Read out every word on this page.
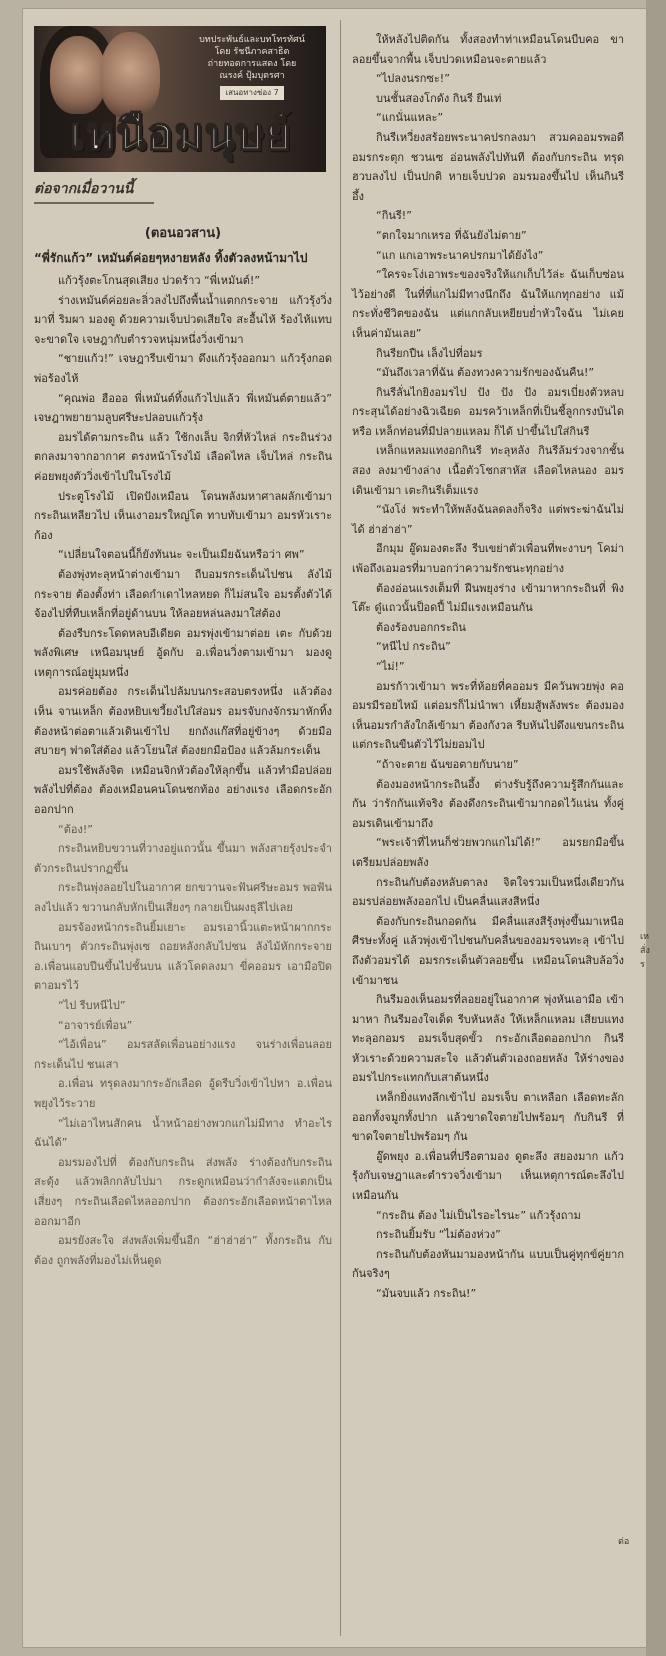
บทประพันธ์และบทโทรทัศน์
โดย รัชนีภาคสาธิต
ถ่ายทอดการแสดง โดย
ณรงค์ ปุ้มบุตรศา
เสนอทางช่อง 7
เหนือมนุษย์
ต่อจากเมื่อวานนี้
(ตอนอวสาน)
“พี่รักแก้ว” เหมันต์ค่อยๆหงายหลัง ทิ้งตัวลงหน้ามาไป

แก้วรุ้งตะโกนสุดเสียง ปวดร้าว “พี่เหมันต์!”

ร่างเหมันต์ค่อยละลิ่วลงไปถึงพื้นน้ำแตกกระจาย แก้วรุ้งวิ่งมาที่ ริมผา มองดู ด้วยความเจ็บปวดเสียใจ สะอื้นไห้ ร้องไห้แทบจะขาดใจ เจษฎากับตำรวจหนุ่มหนึ่งวิ่งเข้ามา

“ชายแก้ว!” เจษฎารีบเข้ามา ดึงแก้วรุ้งออกมา แก้วรุ้งกอดพ่อร้องไห้

“คุณพ่อ ฮือออ พี่เหมันต์ทิ้งแก้วไปแล้ว พี่เหมันต์ตายแล้ว” เจษฎาพยายามลูบศรีษะปลอบแก้วรุ้ง

อมรได้ตามกระถิน แล้ว ใช้กงเล็บ จิกที่หัวไหล่ กระถินร่วงตกลงมาจากอากาศ ตรงหน้าโรงไม้ เลือดไหล เจ็บไหล่ กระถินค่อยพยุงตัววิ่งเข้าไปในโรงไม้

ประตูโรงไม้ เปิดปังเหมือน โดนพลังมหาศาลผลักเข้ามา กระถินเหลียวไป เห็นเงาอมรใหญ่โต ทาบทับเข้ามา อมรหัวเราะก้อง

“เปลี่ยนใจตอนนี้ก็ยังทันนะ จะเป็นเมียฉันหรือว่า ศพ”

ต้องพุ่งทะลุหน้าต่างเข้ามา ถีบอมรกระเด็นไปชน ลังไม้กระจาย ต้องตั้งท่า เลือดกำเดาไหลหยด ก็ไม่สนใจ อมรตั้งตัวได้ จ้องไปที่ทีบเหล็กที่อยู่ด้านบน ให้ลอยหล่นลงมาใส่ต้อง

ต้องรีบกระโดดหลบอีเดียด อมรพุ่งเข้ามาต่อย เตะ กับด้วยพลังพิเศษ เหนือมนุษย์ อู้ดกับ อ.เพื่อนวิ่งตามเข้ามา มองดูเหตุการณ์อยู่มุมหนึ่ง

อมรค่อยต้อง กระเด็นไปล้มบนกระสอบตรงหนึ่ง แล้วต้องเห็น จานเหล็ก ต้องหยิบเขวี้ยงไปใส่อมร อมรจับกงจักรมาหักทิ้ง ต้องหน้าต่อตาแล้วเดินเข้าไป ยกถังแก๊สที่อยู่ข้างๆ ด้วยมือสบายๆ ฟาดใส่ต้อง แล้วโยนใส่ ต้องยกมือป้อง แล้วล้มกระเด็น

อมรใช้พลังจิต เหมือนจิกหัวต้องให้ลุกขึ้น แล้วทำมือปล่อยพลังไปที่ต้อง ต้องเหมือนคนโดนชกท้อง อย่างแรง เลือดกระอักออกปาก

“ต้อง!”

กระถินหยิบขวานที่วางอยู่แถวนั้น ขึ้นมา พลังสายรุ้งประจำตัวกระถินปรากฏขึ้น

กระถินพุ่งลอยไปในอากาศ ยกขวานจะฟันศรีษะอมร พอฟันลงไปแล้ว ขวานกลับหักเป็นเสี่ยงๆ กลายเป็นผงธุลีไปเลย

อมรจ้องหน้ากระถินยิ้มเยาะ อมรเอานิ้วแตะหน้าผากกระถินเบาๆ ตัวกระถินพุ่งเซ ถอยหลังกลับไปชน ลังไม้หักกระจาย อ.เพื่อนแอบปีนขึ้นไปชั้นบน แล้วโดดลงมา ขี่คออมร เอามือปิดตาอมรไว้

“ไป รีบหนีไป”

“อาจารย์เพื่อน”

“ไอ้เพื่อน” อมรสลัดเพื่อนอย่างแรง จนร่างเพื่อนลอยกระเด็นไป ชนเสา

อ.เพื่อน ทรุดลงมากระอักเลือด อู้ดรีบวิ่งเข้าไปหา อ.เพื่อนพยุงไว้ระวาย

“ไม่เอาไหนสักคน น้ำหน้าอย่างพวกแกไม่มีทาง ทำอะไรฉันได้”

อมรมองไปที่ ต้องกับกระถิน ส่งพลัง ร่างต้องกับกระถิน สะดุ้ง แล้วพลิกกลับไปมา กระดูกเหมือนว่ากำลังจะแตกเป็นเสี่ยงๆ กระถินเลือดไหลออกปาก ต้องกระอักเลือดหน้าตาไหลออกมาอีก

อมรยังสะใจ ส่งพลังเพิ่มขึ้นอีก “ฮ่าฮ่าฮ่า” ทั้งกระถิน กับต้อง ถูกพลังที่มองไม่เห็นดูด

ให้หลังไปติดกัน ทั้งสองทำท่าเหมือนโดนบีบคอ ขาลอยขึ้นจากพื้น เจ็บปวดเหมือนจะตายแล้ว

“ไปลงนรกซะ!”

บนชั้นสองโกดัง กินรี ยืนเท่

“แกนั่นแหละ”

กินรีเหวี่ยงสร้อยพระนาคปรกลงมา สวมคออมรพอดี อมรกระตุก ชวนเซ อ่อนพลังไปทันที ต้องกับกระถิน ทรุดฮวบลงไป เป็นปกติ หายเจ็บปวด อมรมองขึ้นไป เห็นกินรี อึ้ง

“กินรี!”

“ตกใจมากเหรอ ที่ฉันยังไม่ตาย”

“แก แกเอาพระนาคปรกมาได้ยังไง”

“ใครจะโง่เอาพระของจริงให้แกเก็บไว้ล่ะ ฉันเก็บซ่อนไว้อย่างดี ในที่ที่แกไม่มีทางนึกถึง ฉันให้แกทุกอย่าง แม้กระทั่งชีวิตของฉัน แต่แกกลับเหยียบย่ำหัวใจฉัน ไม่เคยเห็นค่ามันเลย”

กินรียกปืน เล็งไปที่อมร

“มันถึงเวลาที่ฉัน ต้องทวงความรักของฉันคืน!”

กินรีลั่นไกยิงอมรไป ปัง ปัง ปัง อมรเบี่ยงตัวหลบกระสุนได้อย่างฉิวเฉียด อมรคว้าเหล็กที่เป็นชี้ลูกกรงบันได หรือ เหล็กท่อนที่มีปลายแหลม ก็ได้ ปาขึ้นไปใส่กินรี

เหล็กแหลมแทงอกกินรี ทะลุหลัง กินรีล้มร่วงจากชั้นสอง ลงมาข้างล่าง เนื้อตัวโชกสาหัส เลือดไหลนอง อมรเดินเข้ามา เตะกินรีเต็มแรง

“นังโง่ พระทำให้พลังฉันลดลงก็จริง แต่พระฆ่าฉันไม่ได้ ฮ่าฮ่าฮ่า”

อีกมุม อู๊ดมองตะลึง รีบเขย่าตัวเพื่อนที่พะงาบๆ โคม่า เพ้อถึงเอมอรที่มาบอกว่าความรักชนะทุกอย่าง

ต้องอ่อนแรงเต็มที่ ฝืนพยุงร่าง เข้ามาหากระถินที่ พิงโต๊ะ ดู๋แถวนั้นป็อดปี้ ไม่มีแรงเหมือนกัน

ต้องร้องบอกกระถิน

“หนีไป กระถิน”

“ไม่!”

อมรก้าวเข้ามา พระที่ห้อยที่คออมร มีควันพวยพุ่ง คออมรมีรอยไหม้ แต่อมรก็ไม่นำพา เหี้ยมสู้พลังพระ ต้องมองเห็นอมรกำลังใกล้เข้ามา ต้องกังวล รีบหันไปดึงแขนกระถิน แต่กระถินขืนตัวไว้ไม่ยอมไป

“ถ้าจะตาย ฉันขอตายกับนาย”

ต้องมองหน้ากระถินอึ้ง ต่างรับรู้ถึงความรู้สึกกันและกัน ว่ารักกันแท้จริง ต้องดึงกระถินเข้ามากอดไว้แน่น ทั้งคู่ อมรเดินเข้ามาถึง

“พระเจ้าที่ไหนก็ช่วยพวกแกไม่ได้!” อมรยกมือขึ้นเตรียมปล่อยพลัง

กระถินกับต้องหลับตาลง จิตใจรวมเป็นหนึ่งเดียวกัน อมรปล่อยพลังออกไป เป็นคลื่นแสงสีหนึ่ง

ต้องกับกระถินกอดกัน มีคลื่นแสงสีรุ้งพุ่งขึ้นมาเหนือศีรษะทั้งคู่ แล้วพุ่งเข้าไปชนกับคลื่นของอมรจนทะลุ เข้าไปถึงตัวอมรได้ อมรกระเด็นตัวลอยขึ้น เหมือนโดนสิบล้อวิ่งเข้ามาชน

กินรีมองเห็นอมรที่ลอยอยู่ในอากาศ พุ่งหันเอามือ เข้ามาหา กินรีมองใจเด็ด รีบหันหลัง ให้เหล็กแหลม เสียบแทงทะลุอกอมร อมรเจ็บสุดขั้ว กระอักเลือดออกปาก กินรีหัวเราะด้วยความสะใจ แล้วดันตัวเองถอยหลัง ให้ร่างของอมรไปกระแทกกับเสาต้นหนึ่ง

เหล็กยิ่งแทงลึกเข้าไป อมรเจ็บ ตาเหลือก เลือดทะลักออกทั้งจมูกทั้งปาก แล้วขาดใจตายไปพร้อมๆ กับกินรี ที่ขาดใจตายไปพร้อมๆ กัน

อู๊ดพยุง อ.เพื่อนที่ปรือตามอง ดูตะลึง สยองมาก แก้วรุ้งกับเจษฎาและตำรวจวิ่งเข้ามา เห็นเหตุการณ์ตะลึงไปเหมือนกัน

“กระถิน ต้อง ไม่เป็นไรอะไรนะ” แก้วรุ้งถาม

กระถินยิ้มรับ “ไม่ต้องห่วง”

กระถินกับต้องหันมามองหน้ากัน แบบเป็นคู่ทุกข์คู่ยากกันจริงๆ

“มันจบแล้ว กระถิน!”

เห
สั่ง
ร
ต่อ
